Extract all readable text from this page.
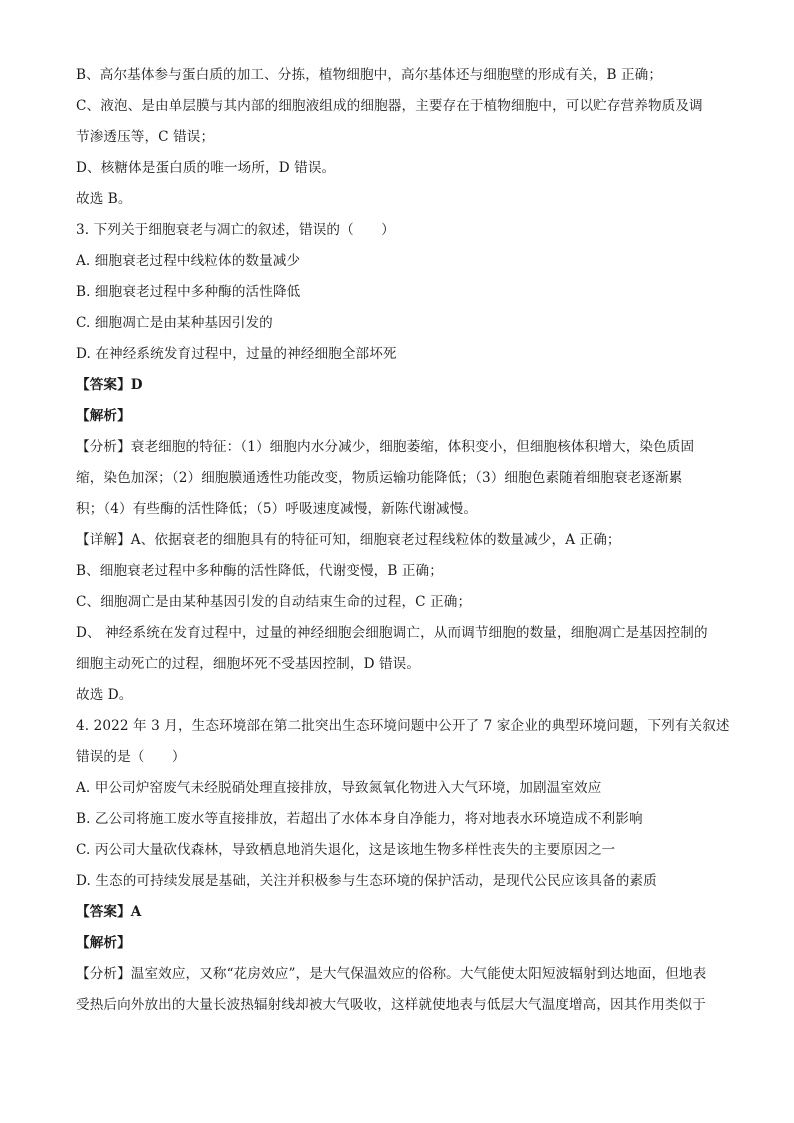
B、高尔基体参与蛋白质的加工、分拣，植物细胞中，高尔基体还与细胞壁的形成有关，B 正确；
C、液泡、是由单层膜与其内部的细胞液组成的细胞器，主要存在于植物细胞中，可以贮存营养物质及调
节渗透压等，C 错误；
D、核糖体是蛋白质的唯一场所，D 错误。
故选 B。
3. 下列关于细胞衰老与凋亡的叙述，错误的（　　）
A. 细胞衰老过程中线粒体的数量减少
B. 细胞衰老过程中多种酶的活性降低
C. 细胞凋亡是由某种基因引发的
D. 在神经系统发育过程中，过量的神经细胞全部坏死
【答案】D
【解析】
【分析】衰老细胞的特征：（1）细胞内水分减少，细胞萎缩，体积变小，但细胞核体积增大，染色质固
缩，染色加深；（2）细胞膜通透性功能改变，物质运输功能降低；（3）细胞色素随着细胞衰老逐渐累
积；（4）有些酶的活性降低；（5）呼吸速度减慢，新陈代谢减慢。
【详解】A、依据衰老的细胞具有的特征可知，细胞衰老过程线粒体的数量减少，A 正确；
B、细胞衰老过程中多种酶的活性降低，代谢变慢，B 正确；
C、细胞凋亡是由某种基因引发的自动结束生命的过程，C 正确；
D、 神经系统在发育过程中，过量的神经细胞会细胞调亡，从而调节细胞的数量，细胞凋亡是基因控制的
细胞主动死亡的过程，细胞坏死不受基因控制，D 错误。
故选 D。
4. 2022 年 3 月，生态环境部在第二批突出生态环境问题中公开了 7 家企业的典型环境问题，下列有关叙述
错误的是（　　）
A. 甲公司炉窑废气未经脱硝处理直接排放，导致氮氧化物进入大气环境，加剧温室效应
B. 乙公司将施工废水等直接排放，若超出了水体本身自净能力，将对地表水环境造成不利影响
C. 丙公司大量砍伐森林，导致栖息地消失退化，这是该地生物多样性丧失的主要原因之一
D. 生态的可持续发展是基础，关注并积极参与生态环境的保护活动，是现代公民应该具备的素质
【答案】A
【解析】
【分析】温室效应，又称“花房效应”，是大气保温效应的俗称。大气能使太阳短波辐射到达地面，但地表
受热后向外放出的大量长波热辐射线却被大气吸收，这样就使地表与低层大气温度增高，因其作用类似于
